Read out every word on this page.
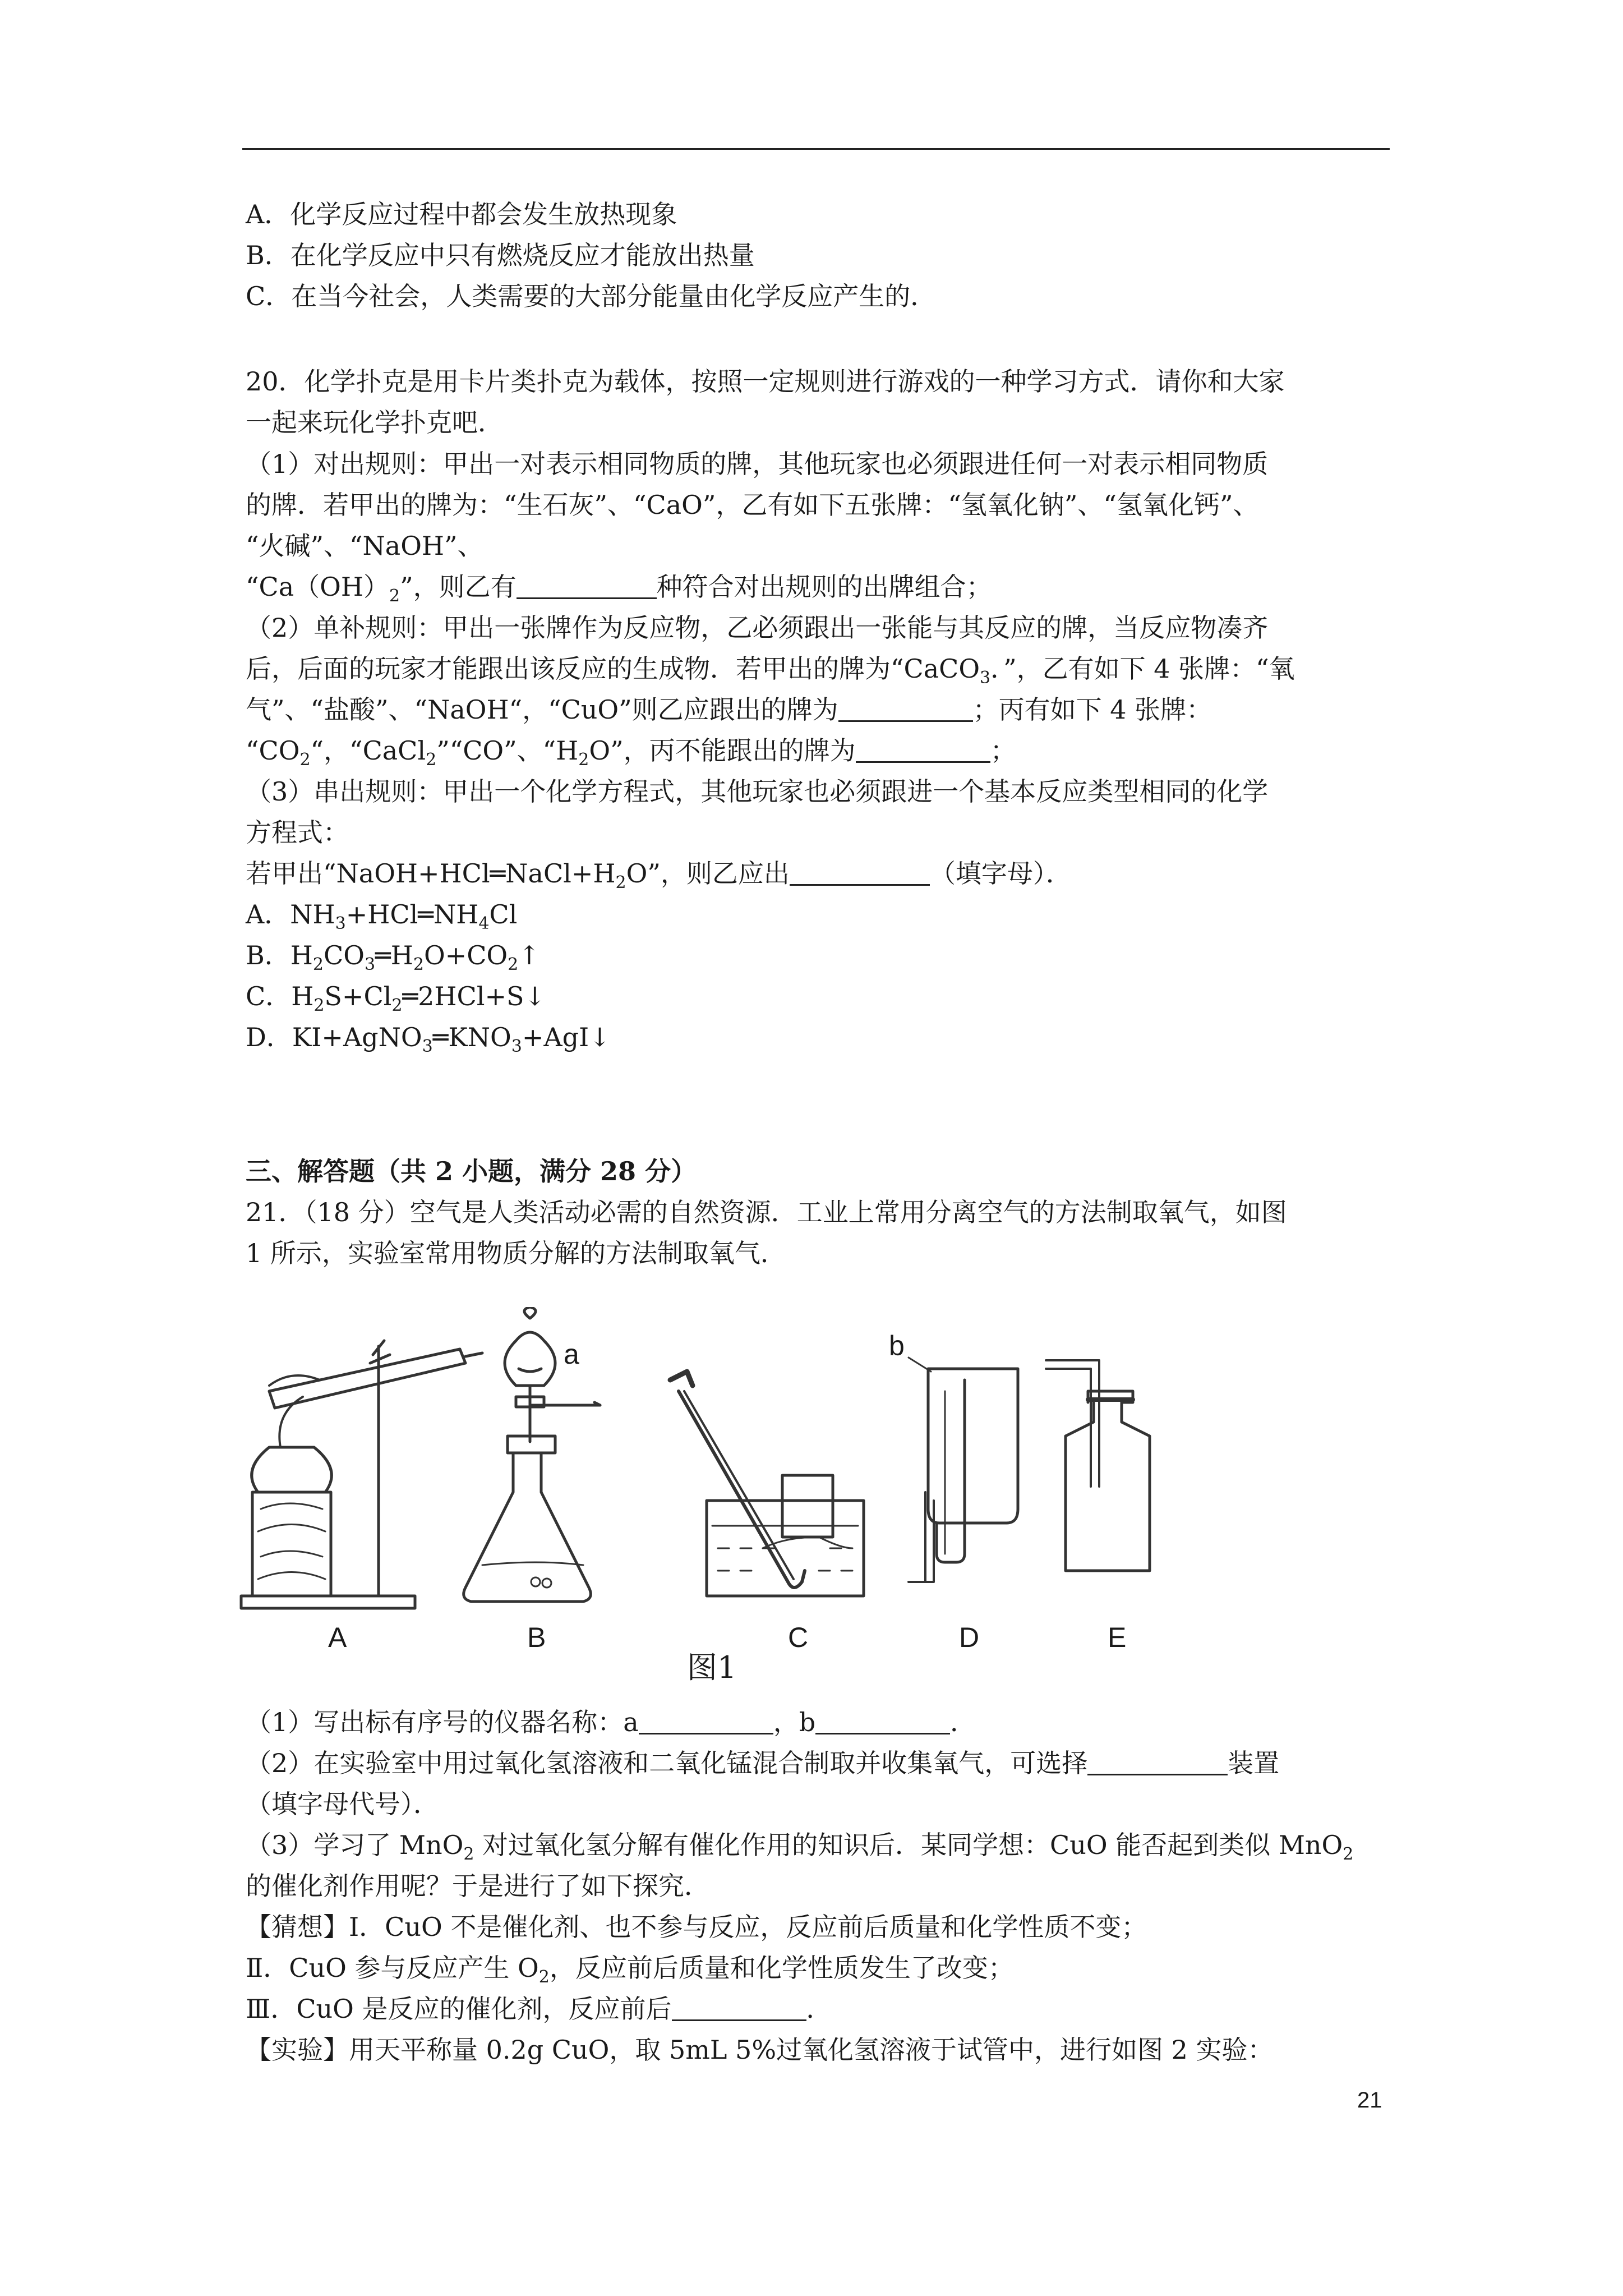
A．化学反应过程中都会发生放热现象
B．在化学反应中只有燃烧反应才能放出热量
C．在当今社会，人类需要的大部分能量由化学反应产生的．
20．化学扑克是用卡片类扑克为载体，按照一定规则进行游戏的一种学习方式．请你和大家
一起来玩化学扑克吧．
（1）对出规则：甲出一对表示相同物质的牌，其他玩家也必须跟进任何一对表示相同物质
的牌．若甲出的牌为：“生石灰”、“CaO”，乙有如下五张牌：“氢氧化钠”、“氢氧化钙”、
“火碱”、“NaOH”、
“$Ca(OH)_2$”，则乙有	种符合对出规则的出牌组合；
（2）单补规则：甲出一张牌作为反应物，乙必须跟出一张能与其反应的牌，当反应物凑齐
后，后面的玩家才能跟出该反应的生成物．若甲出的牌为“CaCO$_3$．”，乙有如下 4 张牌：“氧
气”、“盐酸”、“NaOH“，“CuO”则乙应跟出的牌为	；丙有如下 4 张牌：
“$CO_2“$，“CaCl$_2$”“CO”、“$H_2O$”，丙不能跟出的牌为	；
（3）串出规则：甲出一个化学方程式，其他玩家也必须跟进一个基本反应类型相同的化学
方程式：
若甲出“$NaOH+HCl═NaCl+H_2O$”，则乙应出	（填字母）．
A．$NH_3+HCl═NH_4Cl$
B．$H_2CO_3═H_2O+CO_2↑$
C．$H_2S+Cl_2═2HCl+S↓$
D．$KI+AgNO_3═KNO_3+AgI↓$
三、解答题（共 2 小题，满分 28 分）
21．（18 分）空气是人类活动必需的自然资源．工业上常用分离空气的方法制取氧气，如图
1 所示，实验室常用物质分解的方法制取氧气．
a	b
A	B	C	D	E
图1
（1）写出标有序号的仪器名称：a	，b	．
（2）在实验室中用过氧化氢溶液和二氧化锰混合制取并收集氧气，可选择	装置
（填字母代号）．
（3）学习了 MnO$_2$ 对过氧化氢分解有催化作用的知识后．某同学想：CuO 能否起到类似 MnO$_2$
的催化剂作用呢？于是进行了如下探究．
【猜想】Ⅰ．CuO 不是催化剂、也不参与反应，反应前后质量和化学性质不变；
Ⅱ．CuO 参与反应产生 $O_2$，反应前后质量和化学性质发生了改变；
Ⅲ．CuO 是反应的催化剂，反应前后	．
【实验】用天平称量 0.2g CuO，取 5mL 5%过氧化氢溶液于试管中，进行如图 2 实验：
21
